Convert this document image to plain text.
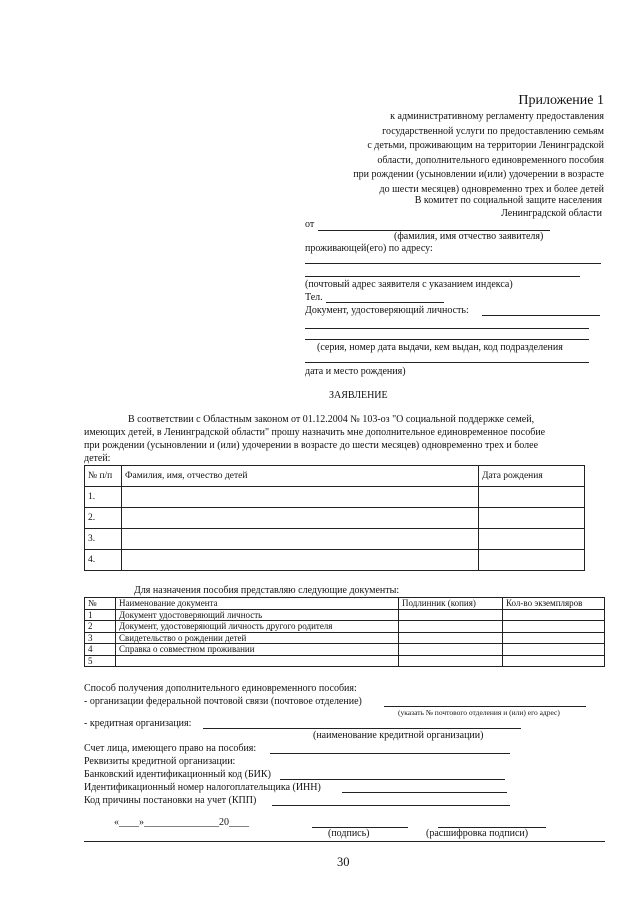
Приложение 1
к административному регламенту предоставления
государственной услуги по предоставлению семьям
с детьми, проживающим на территории Ленинградской
области, дополнительного единовременного пособия
при рождении (усыновлении и(или) удочерении в возрасте
до шести месяцев) одновременно трех и более детей
В комитет по социальной защите населения
Ленинградской области
от
(фамилия, имя отчество заявителя)
проживающей(его) по адресу:
(почтовый адрес заявителя с указанием индекса)
Тел.
Документ, удостоверяющий личность:
(серия, номер дата выдачи, кем выдан, код подразделения
дата и место рождения)
ЗАЯВЛЕНИЕ
В соответствии с Областным законом от 01.12.2004 № 103-оз "О социальной поддержке семей,
имеющих детей, в Ленинградской области" прошу назначить мне дополнительное единовременное пособие
при рождении (усыновлении и (или) удочерении в возрасте до шести месяцев) одновременно трех и более
детей:
№ п/п	Фамилия, имя, отчество детей	Дата рождения
1.		
2.		
3.		
4.		
Для назначения пособия представляю следующие документы:
№	Наименование документа	Подлинник (копия)	Кол-во экземпляров
1	Документ удостоверяющий личность		
2	Документ, удостоверяющий личность другого родителя		
3	Свидетельство о рождении детей		
4	Справка о совместном проживании		
5			
Способ получения дополнительного единовременного пособия:
- организации федеральной почтовой связи (почтовое отделение)
(указать № почтового отделения и (или) его адрес)
- кредитная организация:
(наименование кредитной организации)
Счет лица, имеющего право на пособия:
Реквизиты кредитной организации:
Банковский идентификационный код (БИК)
Идентификационный номер налогоплательщика (ИНН)
Код причины постановки на учет (КПП)
«____»_______________20____
(подпись)	(расшифровка подписи)
30
